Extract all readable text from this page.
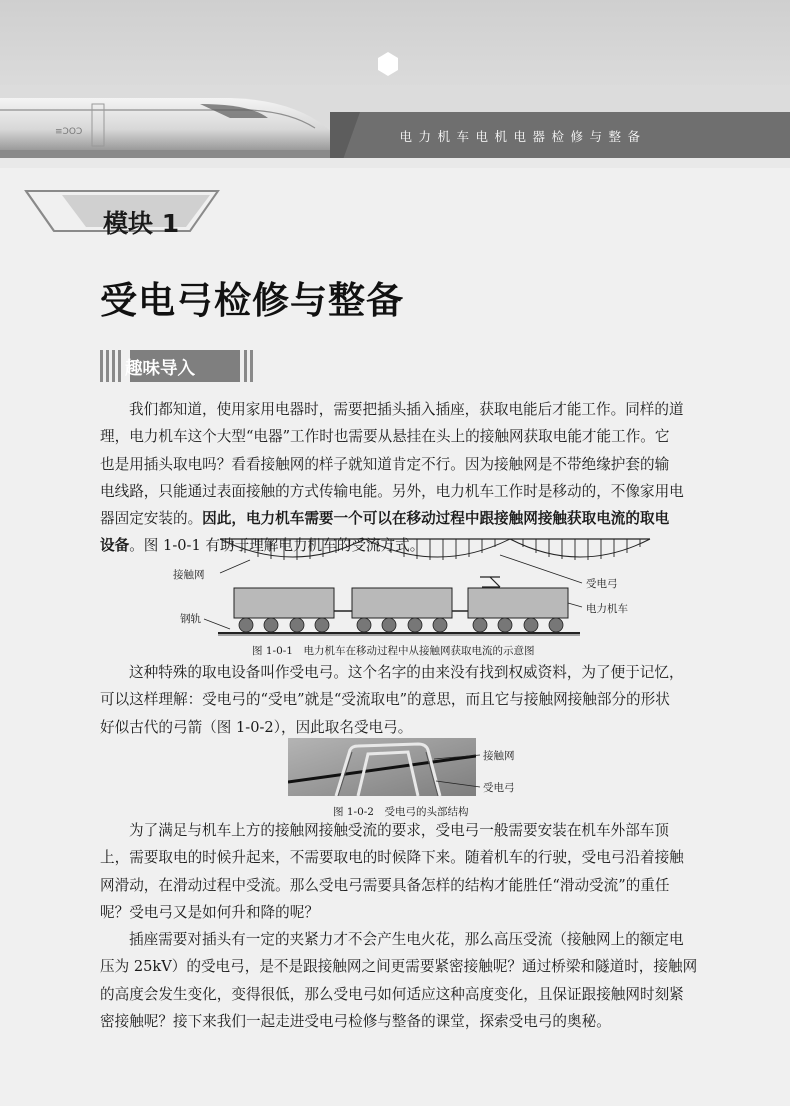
≡ƆOƆ	电力机车电机电器检修与整备
模块 1
受电弓检修与整备
趣味导入
我们都知道，使用家用电器时，需要把插头插入插座，获取电能后才能工作。同样的道
理，电力机车这个大型“电器”工作时也需要从悬挂在头上的接触网获取电能才能工作。它
也是用插头取电吗？看看接触网的样子就知道肯定不行。因为接触网是不带绝缘护套的输
电线路，只能通过表面接触的方式传输电能。另外，电力机车工作时是移动的，不像家用电
器固定安装的。因此，电力机车需要一个可以在移动过程中跟接触网接触获取电流的取电
设备。图 1-0-1 有助于理解电力机车的受流方式。
接触网
钢轨
受电弓
电力机车
图 1-0-1　电力机车在移动过程中从接触网获取电流的示意图
这种特殊的取电设备叫作受电弓。这个名字的由来没有找到权威资料，为了便于记忆，
可以这样理解：受电弓的“受电”就是“受流取电”的意思，而且它与接触网接触部分的形状
好似古代的弓箭（图 1-0-2），因此取名受电弓。
接触网
受电弓
图 1-0-2　受电弓的头部结构
为了满足与机车上方的接触网接触受流的要求，受电弓一般需要安装在机车外部车顶
上，需要取电的时候升起来，不需要取电的时候降下来。随着机车的行驶，受电弓沿着接触
网滑动，在滑动过程中受流。那么受电弓需要具备怎样的结构才能胜任“滑动受流”的重任
呢？受电弓又是如何升和降的呢？
插座需要对插头有一定的夹紧力才不会产生电火花，那么高压受流（接触网上的额定电
压为 25kV）的受电弓，是不是跟接触网之间更需要紧密接触呢？通过桥梁和隧道时，接触网
的高度会发生变化，变得很低，那么受电弓如何适应这种高度变化，且保证跟接触网时刻紧
密接触呢？接下来我们一起走进受电弓检修与整备的课堂，探索受电弓的奥秘。
